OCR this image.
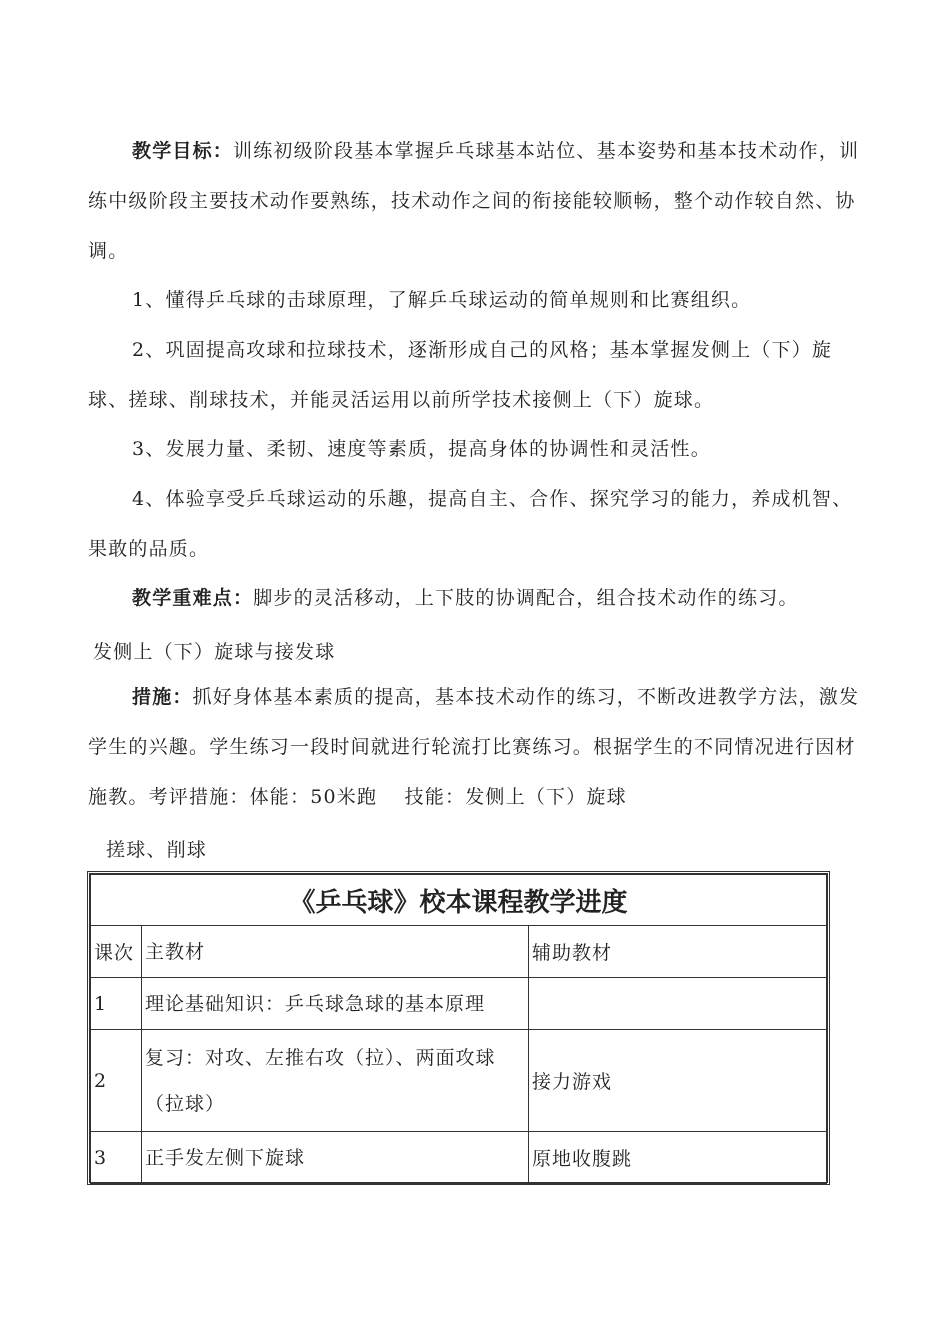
教学目标：训练初级阶段基本掌握乒乓球基本站位、基本姿势和基本技术动作，训练中级阶段主要技术动作要熟练，技术动作之间的衔接能较顺畅，整个动作较自然、协调。

1、懂得乒乓球的击球原理，了解乒乓球运动的简单规则和比赛组织。

2、巩固提高攻球和拉球技术，逐渐形成自己的风格；基本掌握发侧上（下）旋球、搓球、削球技术，并能灵活运用以前所学技术接侧上（下）旋球。

3、发展力量、柔韧、速度等素质，提高身体的协调性和灵活性。

4、体验享受乒乓球运动的乐趣，提高自主、合作、探究学习的能力，养成机智、果敢的品质。

教学重难点：脚步的灵活移动，上下肢的协调配合，组合技术动作的练习。

发侧上（下）旋球与接发球

措施：抓好身体基本素质的提高，基本技术动作的练习，不断改进教学方法，激发学生的兴趣。学生练习一段时间就进行轮流打比赛练习。根据学生的不同情况进行因材施教。考评措施：体能：50米跑　 技能：发侧上（下）旋球

搓球、削球

《乒乓球》校本课程教学进度		
课次	主教材	辅助教材
1	理论基础知识：乒乓球急球的基本原理	
2	复习：对攻、左推右攻（拉）、两面攻球（拉球）	接力游戏
3	正手发左侧下旋球	原地收腹跳
